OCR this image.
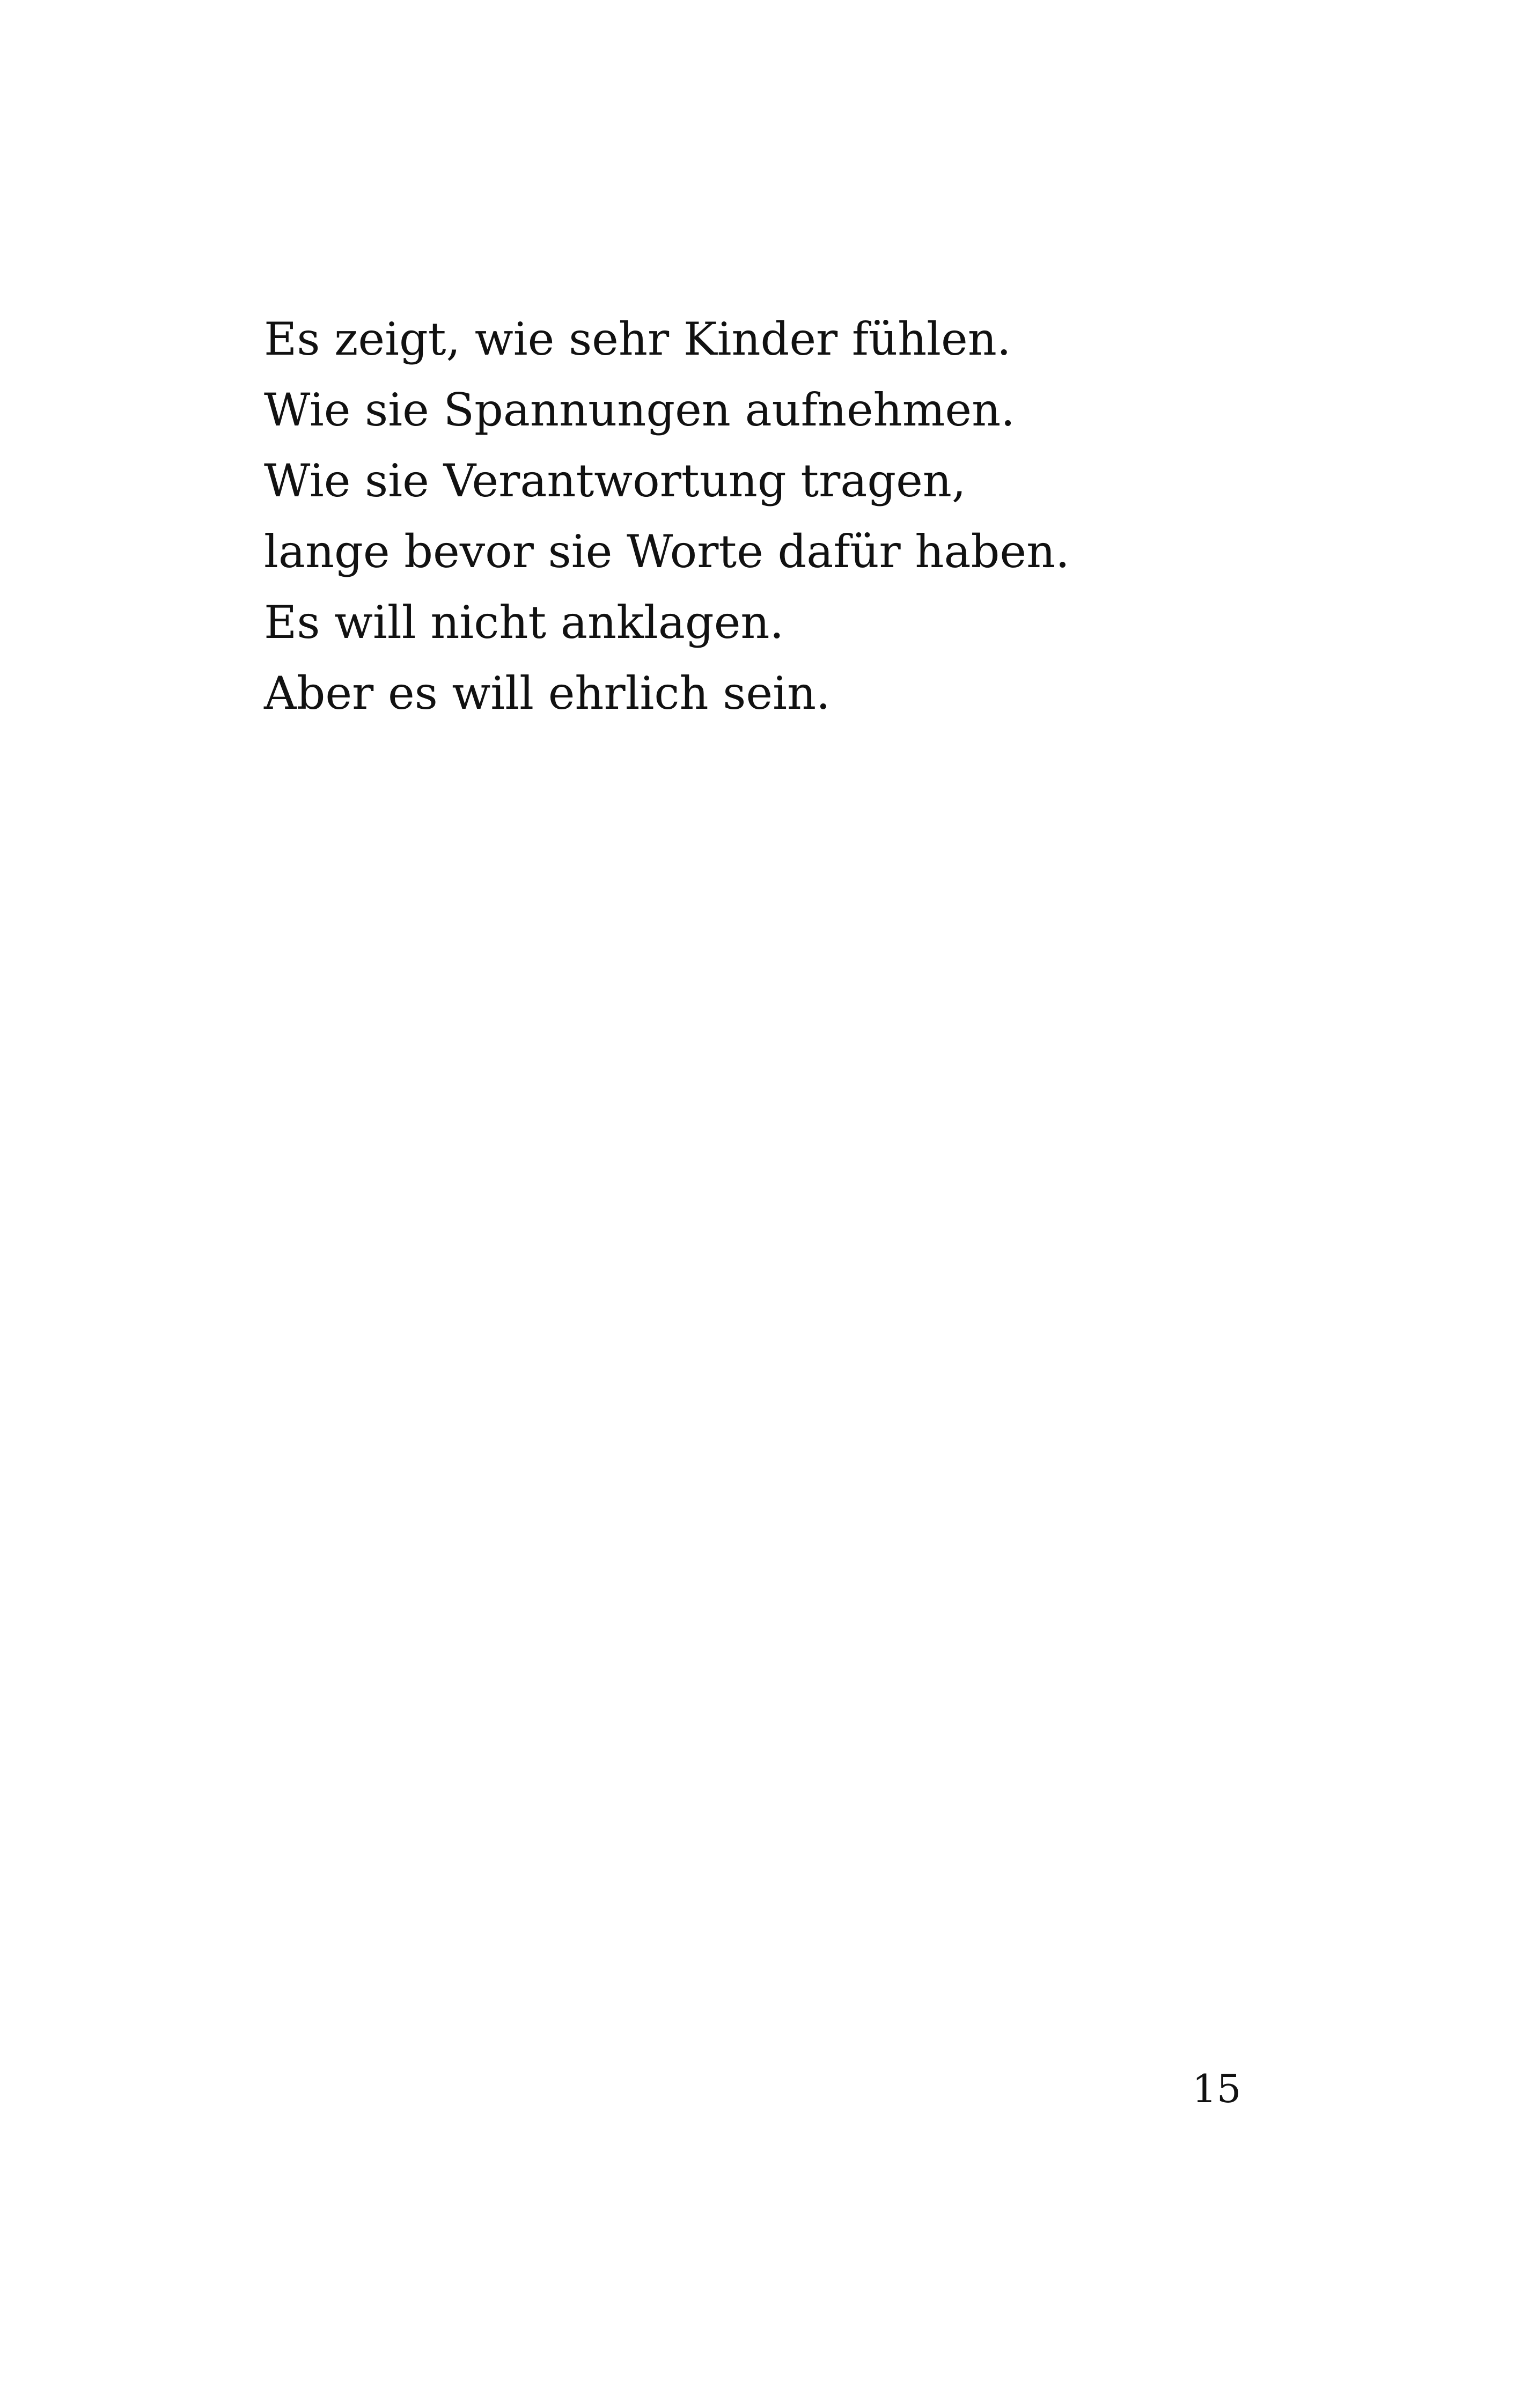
Es zeigt, wie sehr Kinder fühlen.
Wie sie Spannungen aufnehmen.
Wie sie Verantwortung tragen,
lange bevor sie Worte dafür haben.
Es will nicht anklagen.
Aber es will ehrlich sein.
15
